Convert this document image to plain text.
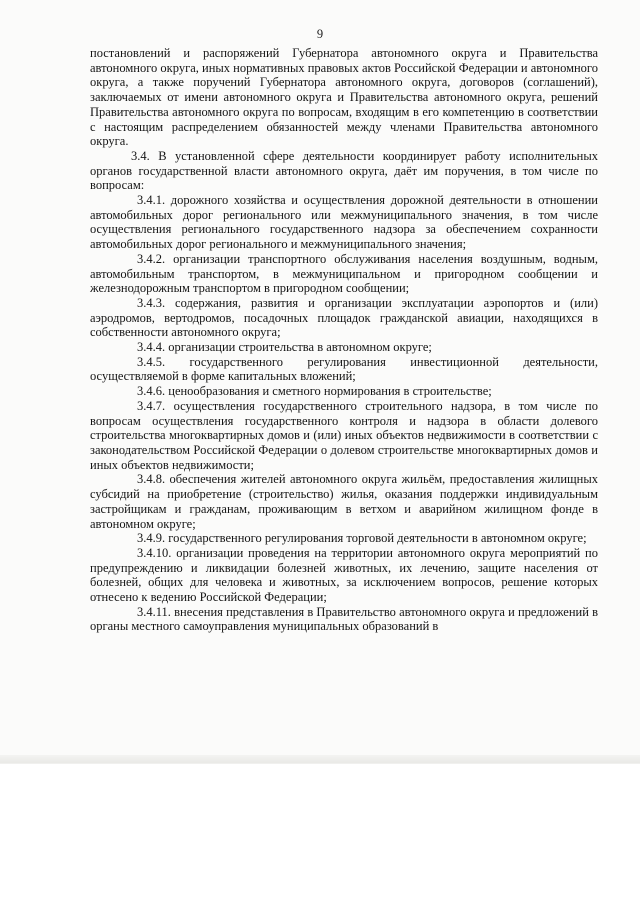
9

постановлений и распоряжений Губернатора автономного округа и Правительства автономного округа, иных нормативных правовых актов Российской Федерации и автономного округа, а также поручений Губернатора автономного округа, договоров (соглашений), заключаемых от имени автономного округа и Правительства автономного округа, решений Правительства автономного округа по вопросам, входящим в его компетенцию в соответствии с настоящим распределением обязанностей между членами Правительства автономного округа.

3.4. В установленной сфере деятельности координирует работу исполнительных органов государственной власти автономного округа, даёт им поручения, в том числе по вопросам:

3.4.1. дорожного хозяйства и осуществления дорожной деятельности в отношении автомобильных дорог регионального или межмуниципального значения, в том числе осуществления регионального государственного надзора за обеспечением сохранности автомобильных дорог регионального и межмуниципального значения;

3.4.2. организации транспортного обслуживания населения воздушным, водным, автомобильным транспортом, в межмуниципальном и пригородном сообщении и железнодорожным транспортом в пригородном сообщении;

3.4.3. содержания, развития и организации эксплуатации аэропортов и (или) аэродромов, вертодромов, посадочных площадок гражданской авиации, находящихся в собственности автономного округа;

3.4.4. организации строительства в автономном округе;

3.4.5. государственного регулирования инвестиционной деятельности, осуществляемой в форме капитальных вложений;

3.4.6. ценообразования и сметного нормирования в строительстве;

3.4.7. осуществления государственного строительного надзора, в том числе по вопросам осуществления государственного контроля и надзора в области долевого строительства многоквартирных домов и (или) иных объектов недвижимости в соответствии с законодательством Российской Федерации о долевом строительстве многоквартирных домов и иных объектов недвижимости;

3.4.8. обеспечения жителей автономного округа жильём, предоставления жилищных субсидий на приобретение (строительство) жилья, оказания поддержки индивидуальным застройщикам и гражданам, проживающим в ветхом и аварийном жилищном фонде в автономном округе;

3.4.9. государственного регулирования торговой деятельности в автономном округе;

3.4.10. организации проведения на территории автономного округа мероприятий по предупреждению и ликвидации болезней животных, их лечению, защите населения от болезней, общих для человека и животных, за исключением вопросов, решение которых отнесено к ведению Российской Федерации;

3.4.11. внесения представления в Правительство автономного округа и предложений в органы местного самоуправления муниципальных образований в
